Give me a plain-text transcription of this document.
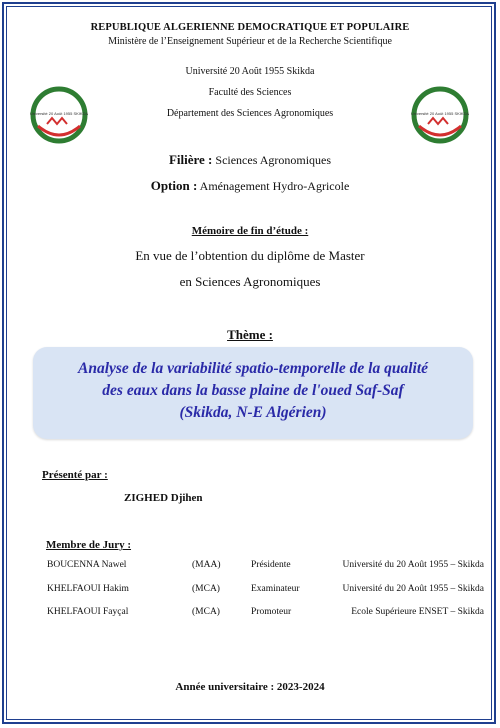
Université 20 Août 1955 SKIKDA	Université 20 Août 1955 SKIKDA
REPUBLIQUE ALGERIENNE DEMOCRATIQUE ET POPULAIRE
Ministère de l’Enseignement Supérieur et de la Recherche Scientifique
Université 20 Août 1955 Skikda
Faculté des Sciences
Département des Sciences Agronomiques
Filière : Sciences Agronomiques
Option : Aménagement Hydro-Agricole
Mémoire de fin d’étude :
En vue de l’obtention du diplôme de Master
en Sciences Agronomiques
Thème :
Analyse de la variabilité spatio-temporelle de la qualité
des eaux dans la basse plaine de l'oued Saf-Saf
(Skikda, N-E Algérien)
Présenté par :
ZIGHED Djihen
Membre de Jury :
BOUCENNA Nawel	(MAA)	Présidente	Université du 20 Août 1955 – Skikda
KHELFAOUI Hakim	(MCA)	Examinateur	Université du 20 Août 1955 – Skikda
KHELFAOUI Fayçal	(MCA)	Promoteur	Ecole Supérieure ENSET – Skikda
Année universitaire : 2023-2024
